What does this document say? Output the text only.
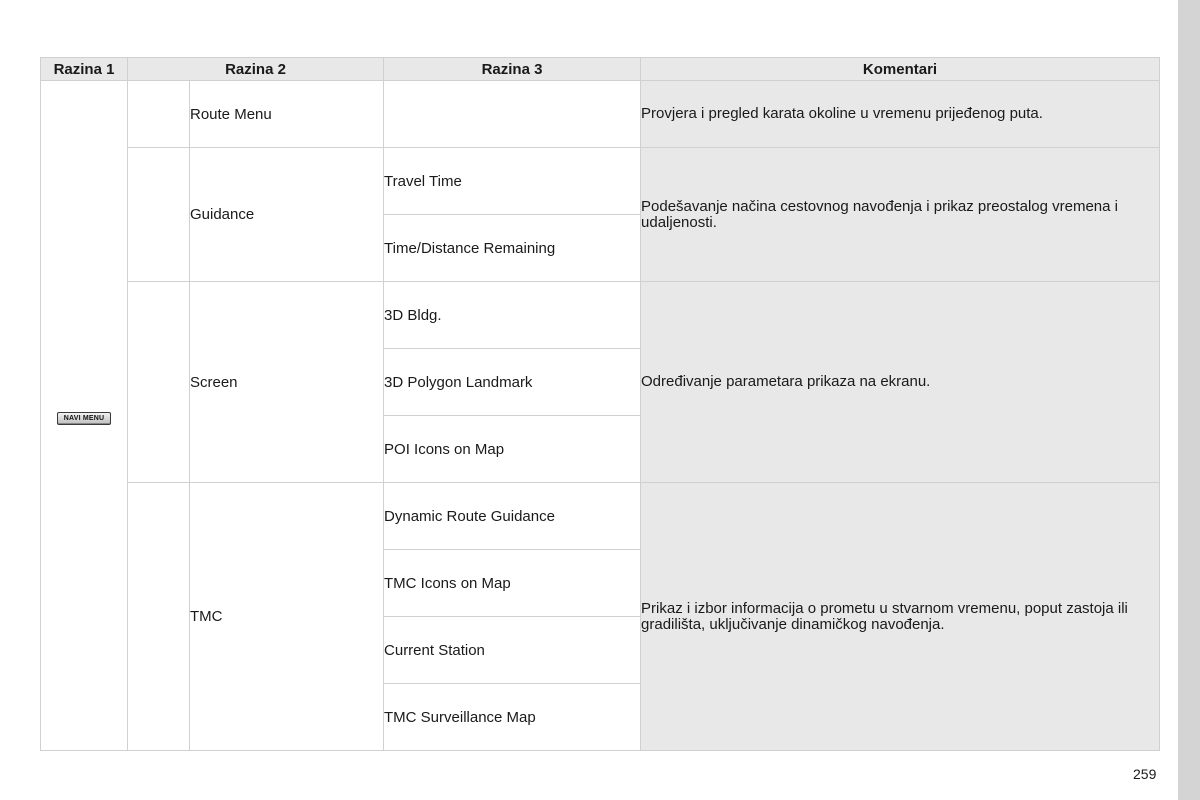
Razina 1	Razina 2		Razina 3	Komentari
NAVI MENU		Route Menu		Provjera i pregled karata okoline u vremenu prijeđenog puta.
		Guidance	Travel Time	Podešavanje načina cestovnog navođenja i prikaz preostalog vremena i udaljenosti.
			Time/Distance Remaining	
		Screen	3D Bldg.	Određivanje parametara prikaza na ekranu.
			3D Polygon Landmark	
			POI Icons on Map	
		TMC	Dynamic Route Guidance	Prikaz i izbor informacija o prometu u stvarnom vremenu, poput zastoja ili gradilišta, uključivanje dinamičkog navođenja.
			TMC Icons on Map	
			Current Station	
			TMC Surveillance Map	
259
